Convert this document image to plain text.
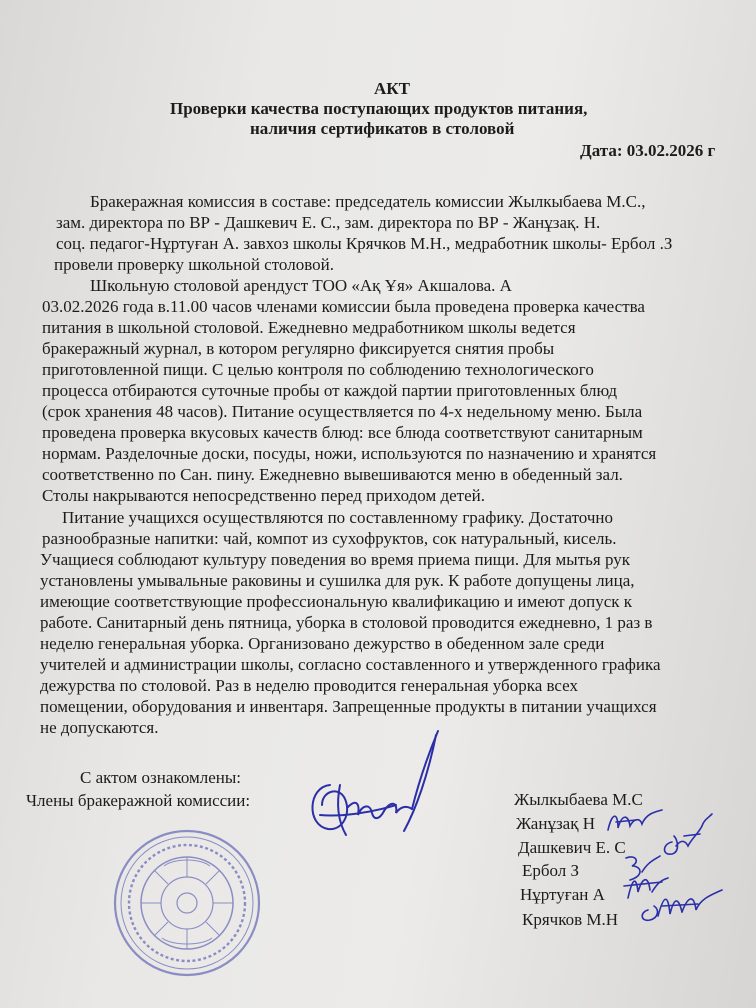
АКТ
Проверки качества поступающих продуктов питания,
наличия сертификатов в столовой
Дата: 03.02.2026 г
Бракеражная комиссия в составе: председатель комиссии Жылкыбаева М.С.,
зам. директора по ВР - Дашкевич Е. С., зам. директора по ВР - Жанұзақ. Н.
соц. педагог-Нұртуған А. завхоз школы Крячков М.Н., медработник школы- Ербол .З
провели проверку школьной столовой.
Школьную столовой арендуст ТОО «Ақ Ұя» Акшалова. А
03.02.2026 года в.11.00 часов членами комиссии была проведена проверка качества
питания в школьной столовой. Ежедневно медработником школы ведется
бракеражный журнал, в котором регулярно фиксируется снятия пробы
приготовленной пищи. С целью контроля по соблюдению технологического
процесса отбираются суточные пробы от каждой партии приготовленных блюд
(срок хранения 48 часов). Питание осуществляется по 4-х недельному меню. Была
проведена проверка вкусовых качеств блюд: все блюда соответствуют санитарным
нормам. Разделочные доски, посуды, ножи, используются по назначению и хранятся
соответственно по Сан. пину. Ежедневно вывешиваются меню в обеденный зал.
Столы накрываются непосредственно перед приходом детей.
Питание учащихся осуществляются по составленному графику. Достаточно
разнообразные напитки: чай, компот из сухофруктов, сок натуральный, кисель.
Учащиеся соблюдают культуру поведения во время приема пищи. Для мытья рук
установлены умывальные раковины и сушилка для рук. К работе допущены лица,
имеющие соответствующие профессиональную квалификацию и имеют допуск к
работе. Санитарный день пятница, уборка в столовой проводится ежедневно, 1 раз в
неделю генеральная уборка. Организовано дежурство в обеденном зале среди
учителей и администрации школы, согласно составленного и утвержденного графика
дежурства по столовой. Раз в неделю проводится генеральная уборка всех
помещении, оборудования и инвентаря. Запрещенные продукты в питании учащихся
не допускаются.
С актом ознакомлены:
Члены бракеражной комиссии:	Жылкыбаева М.С
Жанұзақ Н
Дашкевич Е. С
Ербол З
Нұртуған А
Крячков М.Н
